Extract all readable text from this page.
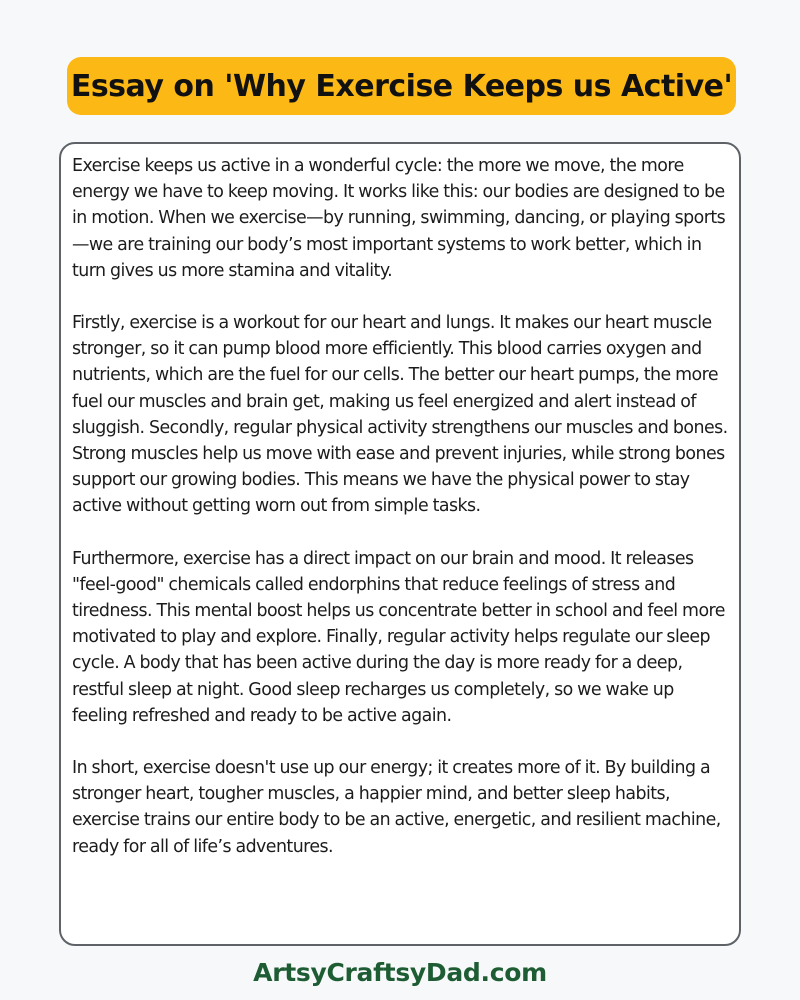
Essay on 'Why Exercise Keeps us Active'

Exercise keeps us active in a wonderful cycle: the more we move, the more energy we have to keep moving. It works like this: our bodies are designed to be in motion. When we exercise—by running, swimming, dancing, or playing sports—we are training our body’s most important systems to work better, which in turn gives us more stamina and vitality.

Firstly, exercise is a workout for our heart and lungs. It makes our heart muscle stronger, so it can pump blood more efficiently. This blood carries oxygen and nutrients, which are the fuel for our cells. The better our heart pumps, the more fuel our muscles and brain get, making us feel energized and alert instead of sluggish. Secondly, regular physical activity strengthens our muscles and bones. Strong muscles help us move with ease and prevent injuries, while strong bones support our growing bodies. This means we have the physical power to stay active without getting worn out from simple tasks.

Furthermore, exercise has a direct impact on our brain and mood. It releases "feel-good" chemicals called endorphins that reduce feelings of stress and tiredness. This mental boost helps us concentrate better in school and feel more motivated to play and explore. Finally, regular activity helps regulate our sleep cycle. A body that has been active during the day is more ready for a deep, restful sleep at night. Good sleep recharges us completely, so we wake up feeling refreshed and ready to be active again.

In short, exercise doesn't use up our energy; it creates more of it. By building a stronger heart, tougher muscles, a happier mind, and better sleep habits, exercise trains our entire body to be an active, energetic, and resilient machine, ready for all of life’s adventures.

ArtsyCraftsyDad.com
